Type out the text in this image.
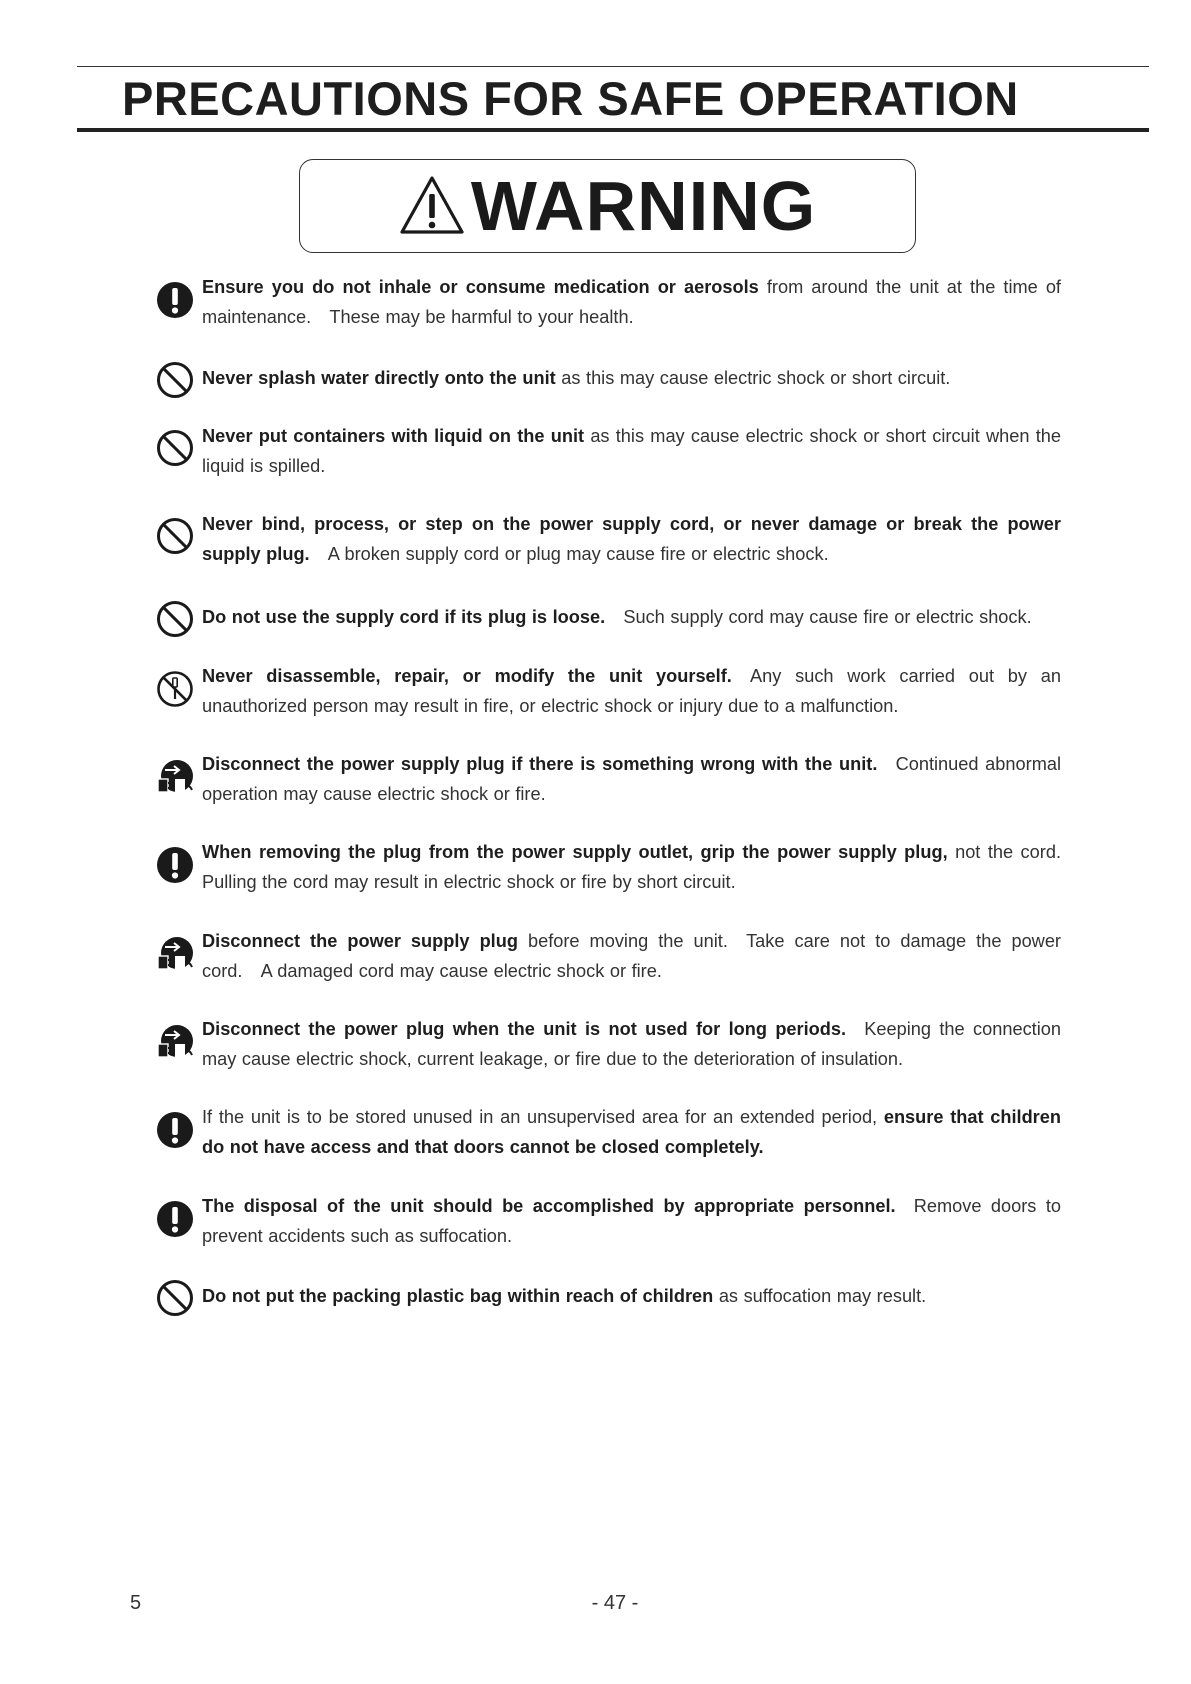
PRECAUTIONS FOR SAFE OPERATION
WARNING
Ensure you do not inhale or consume medication or aerosols from around the unit at the time of maintenance. These may be harmful to your health.
Never splash water directly onto the unit as this may cause electric shock or short circuit.
Never put containers with liquid on the unit as this may cause electric shock or short circuit when the liquid is spilled.
Never bind, process, or step on the power supply cord, or never damage or break the power supply plug. A broken supply cord or plug may cause fire or electric shock.
Do not use the supply cord if its plug is loose. Such supply cord may cause fire or electric shock.
Never disassemble, repair, or modify the unit yourself. Any such work carried out by an unauthorized person may result in fire, or electric shock or injury due to a malfunction.
Disconnect the power supply plug if there is something wrong with the unit. Continued abnormal operation may cause electric shock or fire.
When removing the plug from the power supply outlet, grip the power supply plug, not the cord. Pulling the cord may result in electric shock or fire by short circuit.
Disconnect the power supply plug before moving the unit. Take care not to damage the power cord. A damaged cord may cause electric shock or fire.
Disconnect the power plug when the unit is not used for long periods. Keeping the connection may cause electric shock, current leakage, or fire due to the deterioration of insulation.
If the unit is to be stored unused in an unsupervised area for an extended period, ensure that children do not have access and that doors cannot be closed completely.
The disposal of the unit should be accomplished by appropriate personnel. Remove doors to prevent accidents such as suffocation.
Do not put the packing plastic bag within reach of children as suffocation may result.
5	- 47 -
